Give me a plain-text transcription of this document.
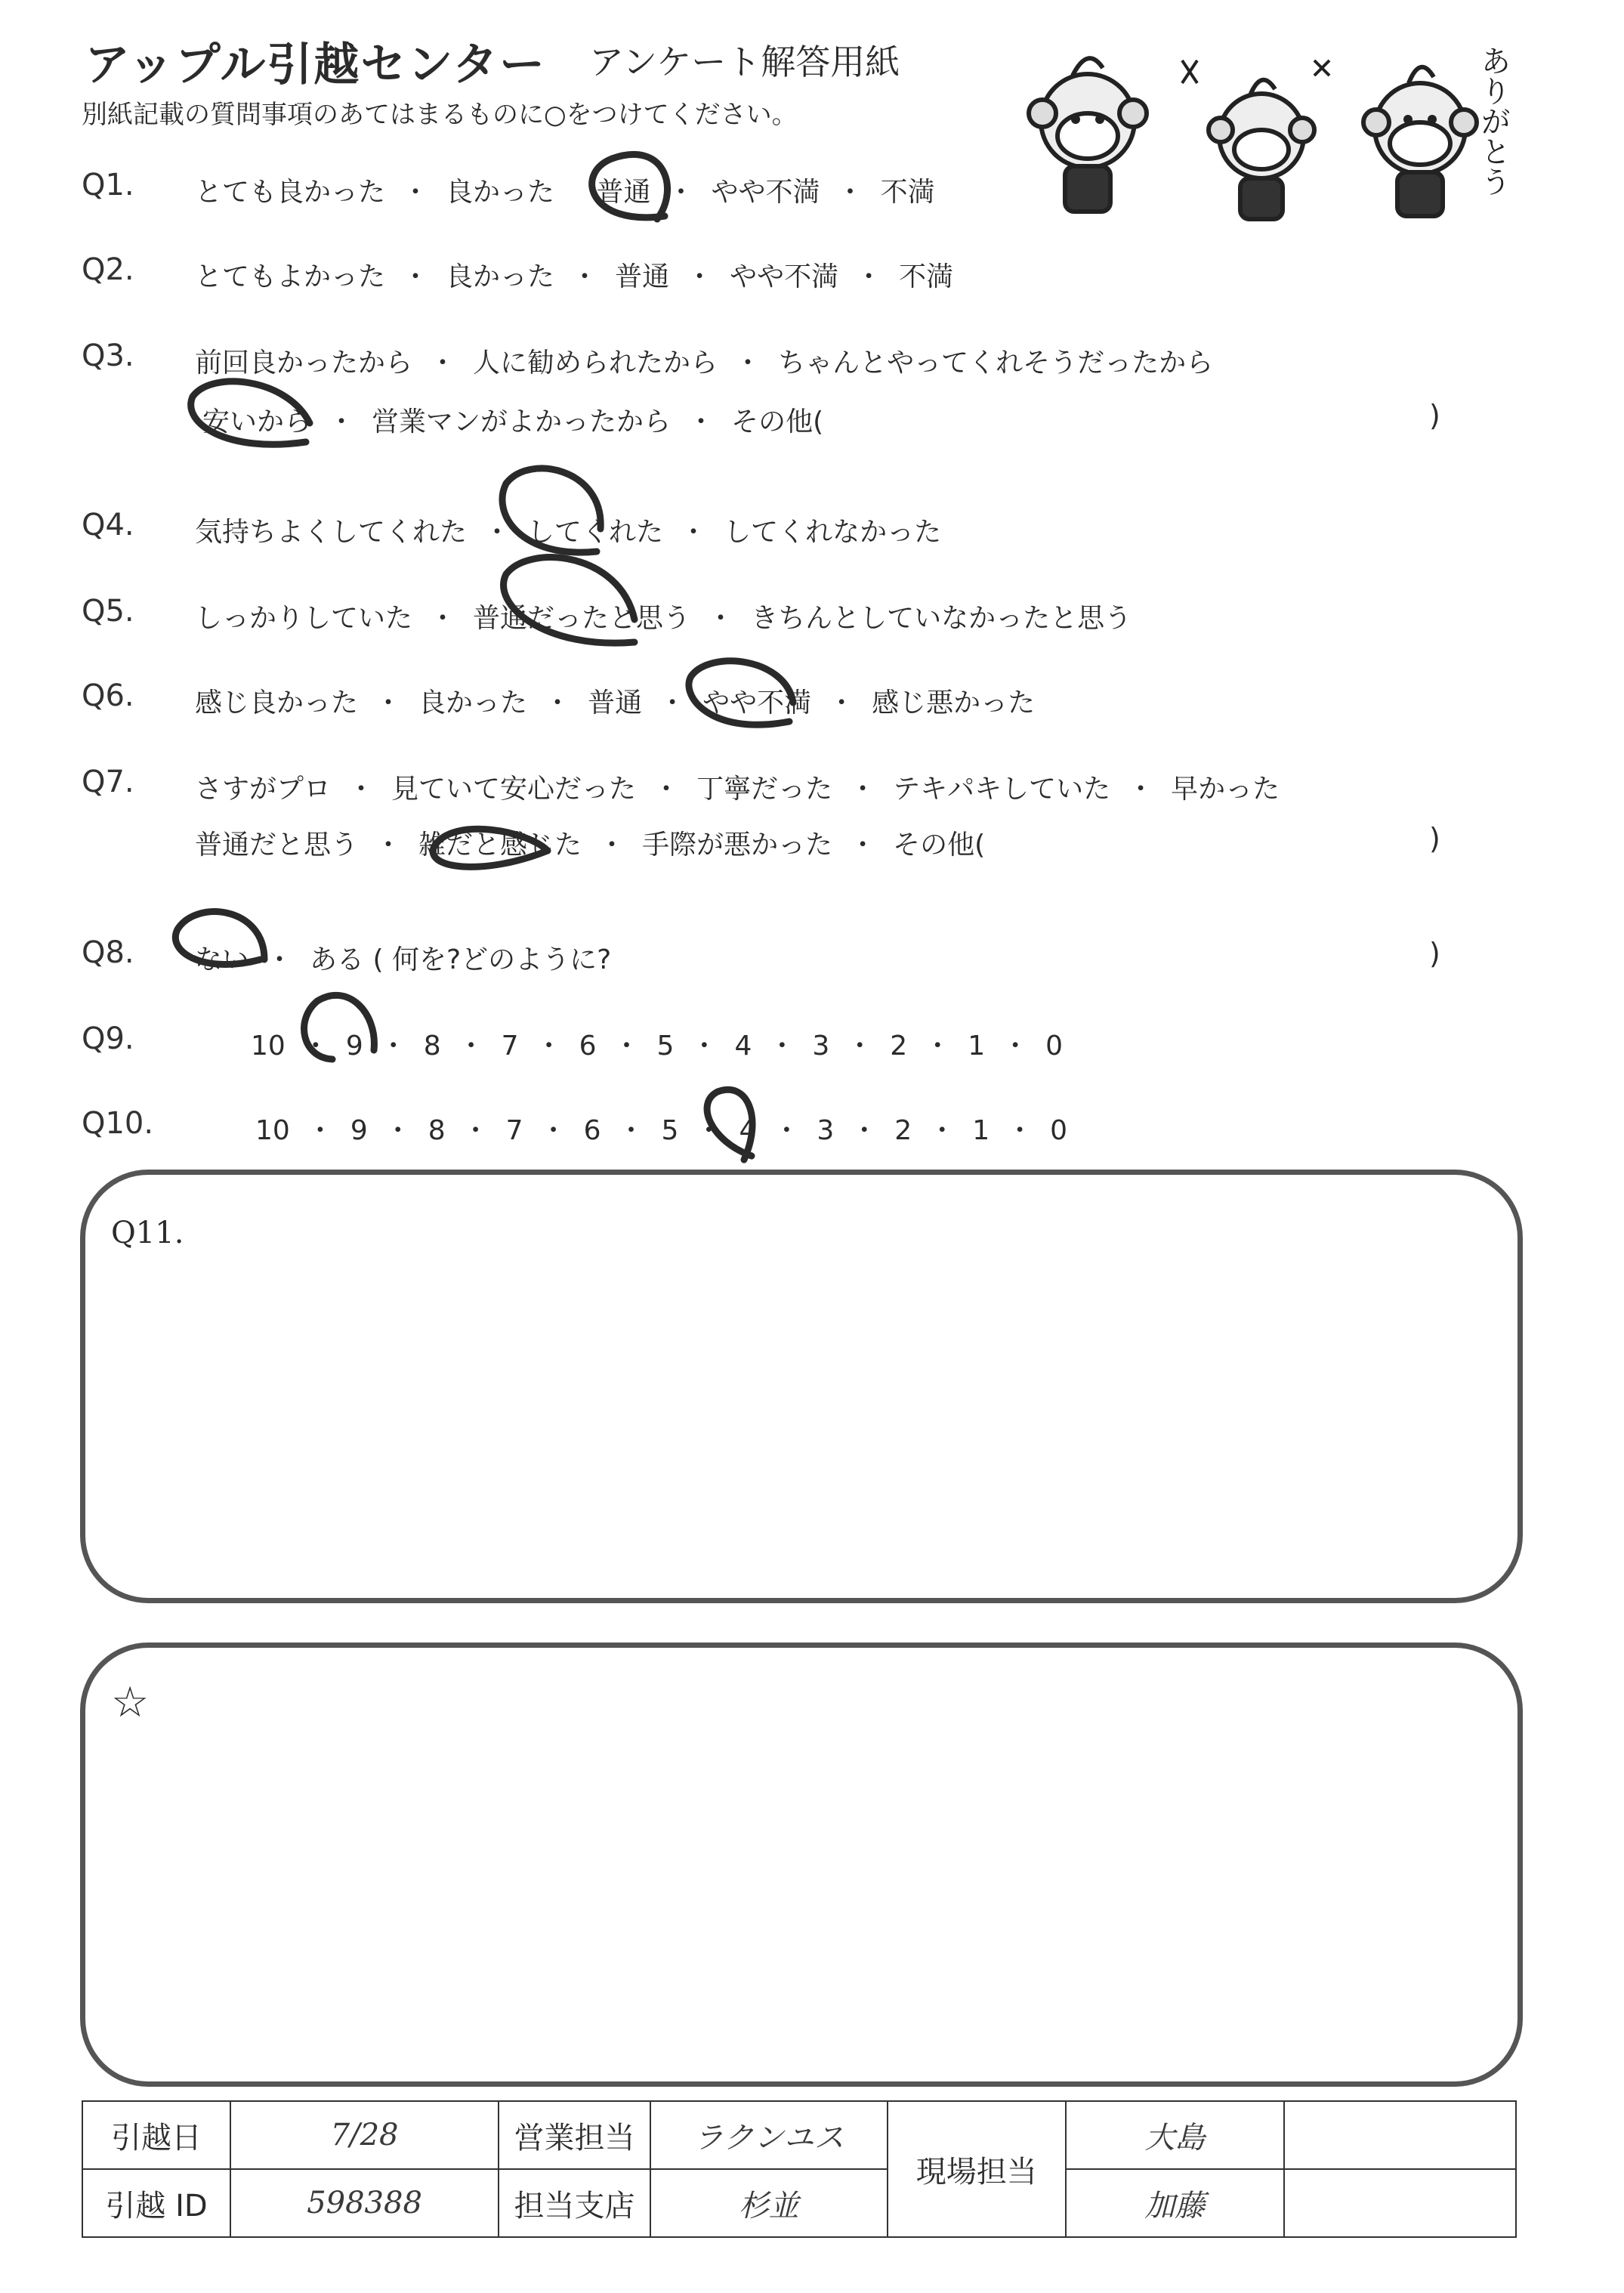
アップル引越センター アンケート解答用紙
別紙記載の質問事項のあてはまるものに○をつけてください。	ありがとう
Q1.
Q2.
Q3.
Q4.
Q5.
Q6.
Q7.
Q8.
Q9.
Q10.
とても良かった ・ 良かった 普通 ・ やや不満 ・ 不満
とてもよかった ・ 良かった ・ 普通 ・ やや不満 ・ 不満
前回良かったから ・ 人に勧められたから ・ ちゃんとやってくれそうだったから
安いから ・ 営業マンがよかったから ・ その他(	)
気持ちよくしてくれた ・ してくれた ・ してくれなかった
しっかりしていた ・ 普通だったと思う ・ きちんとしていなかったと思う
感じ良かった ・ 良かった ・ 普通 ・ やや不満 ・ 感じ悪かった
さすがプロ ・ 見ていて安心だった ・ 丁寧だった ・ テキパキしていた ・ 早かった
普通だと思う ・ 雑だと感じた ・ 手際が悪かった ・ その他(	)
ない ・ ある ( 何を?どのように?	)
10 ・ 9 ・ 8 ・ 7 ・ 6 ・ 5 ・ 4 ・ 3 ・ 2 ・ 1 ・ 0
10 ・ 9 ・ 8 ・ 7 ・ 6 ・ 5 ・ 4 ・ 3 ・ 2 ・ 1 ・ 0
Q11.
☆
引越日	7/28	営業担当	ラクンユス	現場担当	大島	
引越 ID	598388	担当支店	杉並		加藤	
